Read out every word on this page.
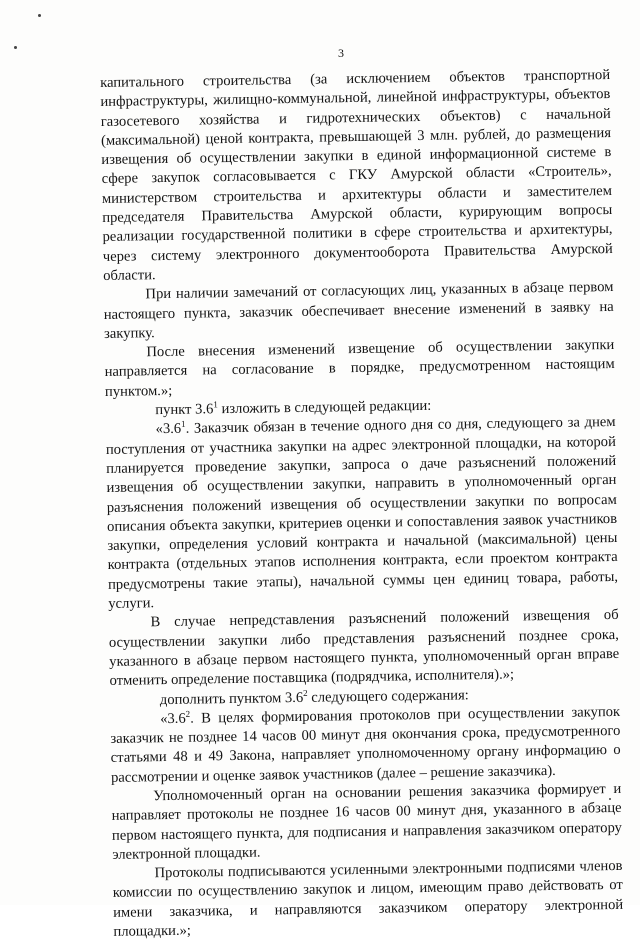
3

капитального строительства (за исключением объектов транспортной инфраструктуры, жилищно-коммунальной, линейной инфраструктуры, объектов газосетевого хозяйства и гидротехнических объектов) с начальной (максимальной) ценой контракта, превышающей 3 млн. рублей, до размещения извещения об осуществлении закупки в единой информационной системе в сфере закупок согласовывается с ГКУ Амурской области «Строитель», министерством строительства и архитектуры области и заместителем председателя Правительства Амурской области, курирующим вопросы реализации государственной политики в сфере строительства и архитектуры, через систему электронного документооборота Правительства Амурской области.

При наличии замечаний от согласующих лиц, указанных в абзаце первом настоящего пункта, заказчик обеспечивает внесение изменений в заявку на закупку.

После внесения изменений извещение об осуществлении закупки направляется на согласование в порядке, предусмотренном настоящим пунктом.»;

пункт $3.6^1$ изложить в следующей редакции:

«$3.6^1$. Заказчик обязан в течение одного дня со дня, следующего за днем поступления от участника закупки на адрес электронной площадки, на которой планируется проведение закупки, запроса о даче разъяснений положений извещения об осуществлении закупки, направить в уполномоченный орган разъяснения положений извещения об осуществлении закупки по вопросам описания объекта закупки, критериев оценки и сопоставления заявок участников закупки, определения условий контракта и начальной (максимальной) цены контракта (отдельных этапов исполнения контракта, если проектом контракта предусмотрены такие этапы), начальной суммы цен единиц товара, работы, услуги.

В случае непредставления разъяснений положений извещения об осуществлении закупки либо представления разъяснений позднее срока, указанного в абзаце первом настоящего пункта, уполномоченный орган вправе отменить определение поставщика (подрядчика, исполнителя).»;

дополнить пунктом $3.6^2$ следующего содержания:

«$3.6^2$. В целях формирования протоколов при осуществлении закупок заказчик не позднее 14 часов 00 минут дня окончания срока, предусмотренного статьями 48 и 49 Закона, направляет уполномоченному органу информацию о рассмотрении и оценке заявок участников (далее – решение заказчика).

Уполномоченный орган на основании решения заказчика формирует и направляет протоколы не позднее 16 часов 00 минут дня, указанного в абзаце первом настоящего пункта, для подписания и направления заказчиком оператору электронной площадки.

Протоколы подписываются усиленными электронными подписями членов комиссии по осуществлению закупок и лицом, имеющим право действовать от имени заказчика, и направляются заказчиком оператору электронной площадки.»;
